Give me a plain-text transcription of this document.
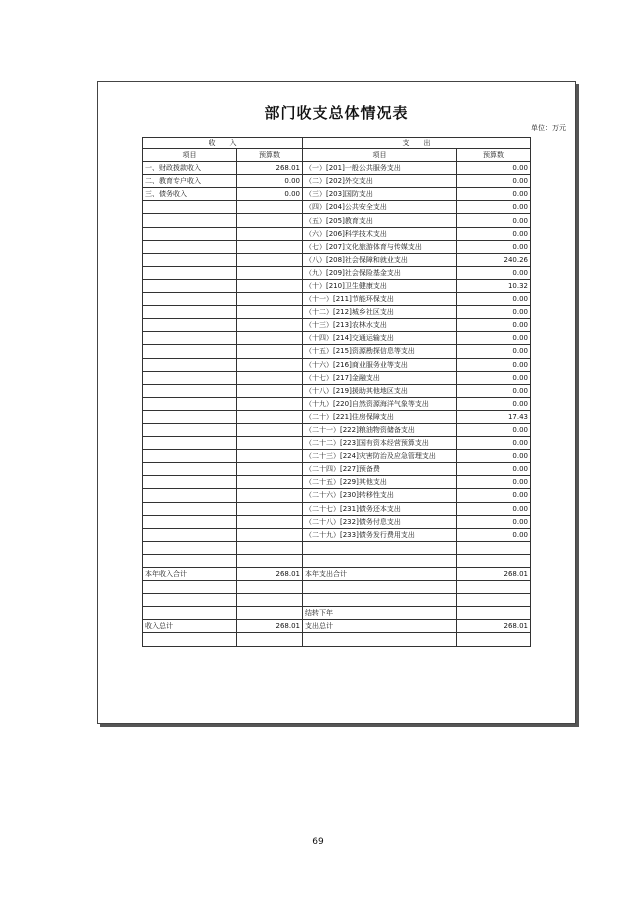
部门收支总体情况表
单位：万元
收　　入		支　　出	
项目	预算数	项目	预算数
一、财政拨款收入	268.01	（一）[201]一般公共服务支出	0.00
二、教育专户收入	0.00	（二）[202]外交支出	0.00
三、债务收入	0.00	（三）[203]国防支出	0.00
		（四）[204]公共安全支出	0.00
		（五）[205]教育支出	0.00
		（六）[206]科学技术支出	0.00
		（七）[207]文化旅游体育与传媒支出	0.00
		（八）[208]社会保障和就业支出	240.26
		（九）[209]社会保险基金支出	0.00
		（十）[210]卫生健康支出	10.32
		（十一）[211]节能环保支出	0.00
		（十二）[212]城乡社区支出	0.00
		（十三）[213]农林水支出	0.00
		（十四）[214]交通运输支出	0.00
		（十五）[215]资源勘探信息等支出	0.00
		（十六）[216]商业服务业等支出	0.00
		（十七）[217]金融支出	0.00
		（十八）[219]援助其他地区支出	0.00
		（十九）[220]自然资源海洋气象等支出	0.00
		（二十）[221]住房保障支出	17.43
		（二十一）[222]粮油物资储备支出	0.00
		（二十二）[223]国有资本经营预算支出	0.00
		（二十三）[224]灾害防治及应急管理支出	0.00
		（二十四）[227]预备费	0.00
		（二十五）[229]其他支出	0.00
		（二十六）[230]转移性支出	0.00
		（二十七）[231]债务还本支出	0.00
		（二十八）[232]债务付息支出	0.00
		（二十九）[233]债务发行费用支出	0.00

本年收入合计	268.01	本年支出合计	268.01

		结转下年	
收入总计	268.01	支出总计	268.01

69
